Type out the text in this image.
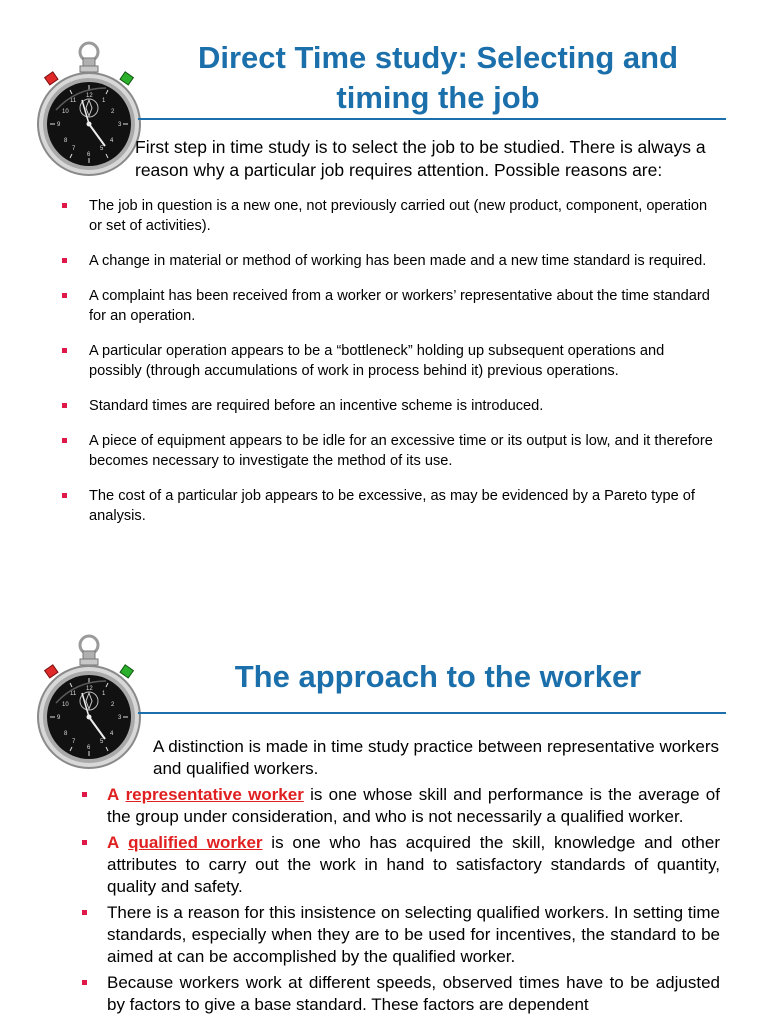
Direct Time study: Selecting and timing the job
First step in time study is to select the job to be studied. There is always a reason why a particular job requires attention. Possible reasons are:
The job in question is a new one, not previously carried out (new product, component, operation or set of activities).
A change in material or method of working has been made and a new time standard is required.
A complaint has been received from a worker or workers’ representative about the time standard for an operation.
A particular operation appears to be a “bottleneck” holding up subsequent operations and possibly (through accumulations of work in process behind it) previous operations.
Standard times are required before an incentive scheme is introduced.
A piece of equipment appears to be idle for an excessive time or its output is low, and it therefore becomes necessary to investigate the method of its use.
The cost of a particular job appears to be excessive, as may be evidenced by a Pareto type of analysis.
The approach to the worker
A distinction is made in time study practice between representative workers and qualified workers.
A representative worker is one whose skill and performance is the average of the group under consideration, and who is not necessarily a qualified worker.
A qualified worker is one who has acquired the skill, knowledge and other attributes to carry out the work in hand to satisfactory standards of quantity, quality and safety.
There is a reason for this insistence on selecting qualified workers. In setting time standards, especially when they are to be used for incentives, the standard to be aimed at can be accomplished by the qualified worker.
Because workers work at different speeds, observed times have to be adjusted by factors to give a base standard. These factors are dependent
